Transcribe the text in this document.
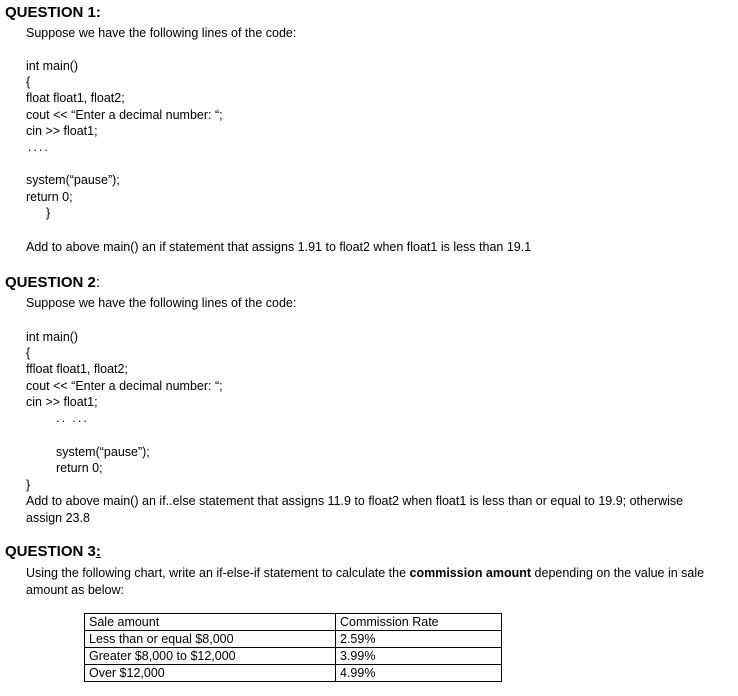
QUESTION 1:
Suppose we have the following lines of the code:
int main()
{
float float1, float2;
cout << “Enter a decimal number: “;
cin >> float1;
....
system(“pause”);
return 0;
}
Add to above main() an if statement that assigns 1.91 to float2 when float1 is less than 19.1
QUESTION 2:
Suppose we have the following lines of the code:
int main()
{
ffloat float1, float2;
cout << “Enter a decimal number: “;
cin >> float1;
.. ...
system(“pause”);
return 0;
}
Add to above main() an if..else statement that assigns 11.9 to float2 when float1 is less than or equal to 19.9; otherwise assign 23.8
QUESTION 3:
Using the following chart, write an if-else-if statement to calculate the commission amount depending on the value in sale amount as below:
Sale amount	Commission Rate
Less than or equal $8,000	2.59%
Greater $8,000 to $12,000	3.99%
Over $12,000	4.99%
